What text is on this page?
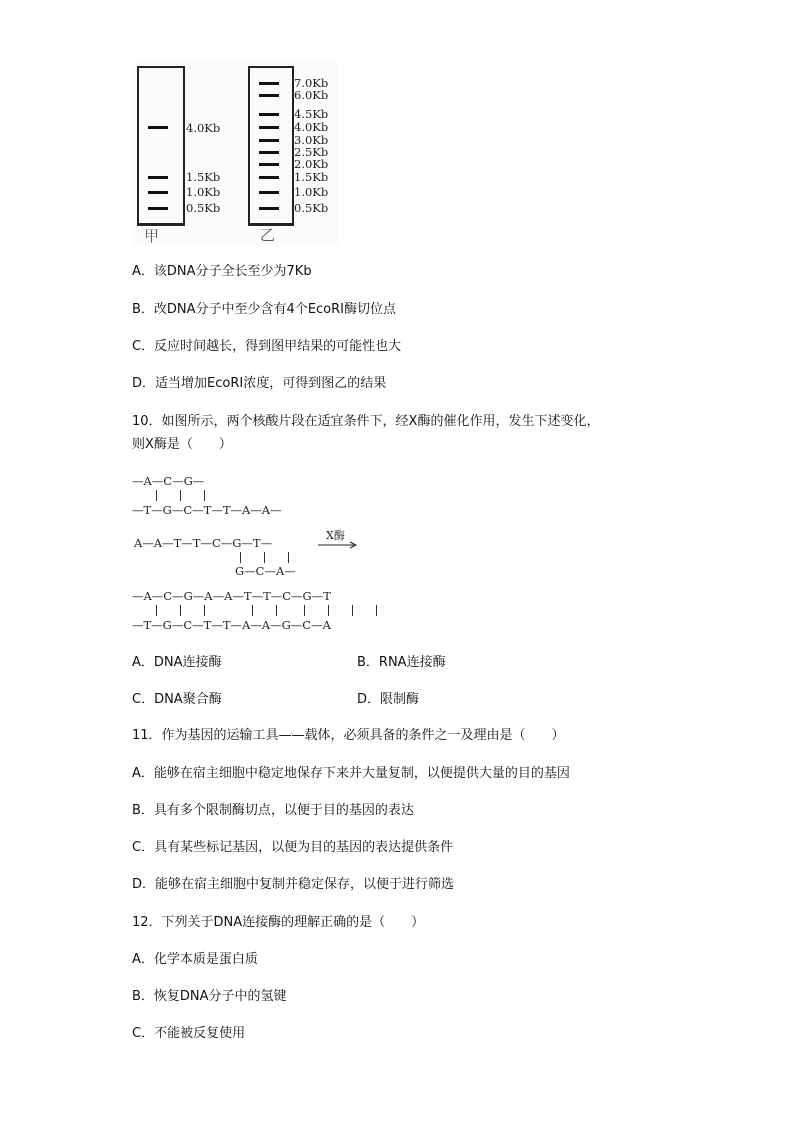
4.0Kb
1.5Kb
1.0Kb
0.5Kb
甲
7.0Kb
6.0Kb
4.5Kb
4.0Kb
3.0Kb
2.5Kb
2.0Kb
1.5Kb
1.0Kb
0.5Kb
乙
A．该DNA分子全长至少为7Kb
B．改DNA分子中至少含有4个EcoRⅠ酶切位点
C．反应时间越长，得到图甲结果的可能性也大
D．适当增加EcoRⅠ浓度，可得到图乙的结果
10．如图所示，两个核酸片段在适宜条件下，经X酶的催化作用，发生下述变化，
则X酶是（　　）
—A—C—G—
—T—G—C—T—T—A—A—
A—A—T—T—C—G—T—
G—C—A—
X酶
—A—C—G—A—A—T—T—C—G—T
—T—G—C—T—T—A—A—G—C—A
A．DNA连接酶	B．RNA连接酶
C．DNA聚合酶	D．限制酶
11．作为基因的运输工具——载体，必须具备的条件之一及理由是（　　）
A．能够在宿主细胞中稳定地保存下来并大量复制，以便提供大量的目的基因
B．具有多个限制酶切点，以便于目的基因的表达
C．具有某些标记基因，以便为目的基因的表达提供条件
D．能够在宿主细胞中复制并稳定保存，以便于进行筛选
12．下列关于DNA连接酶的理解正确的是（　　）
A．化学本质是蛋白质
B．恢复DNA分子中的氢键
C．不能被反复使用
